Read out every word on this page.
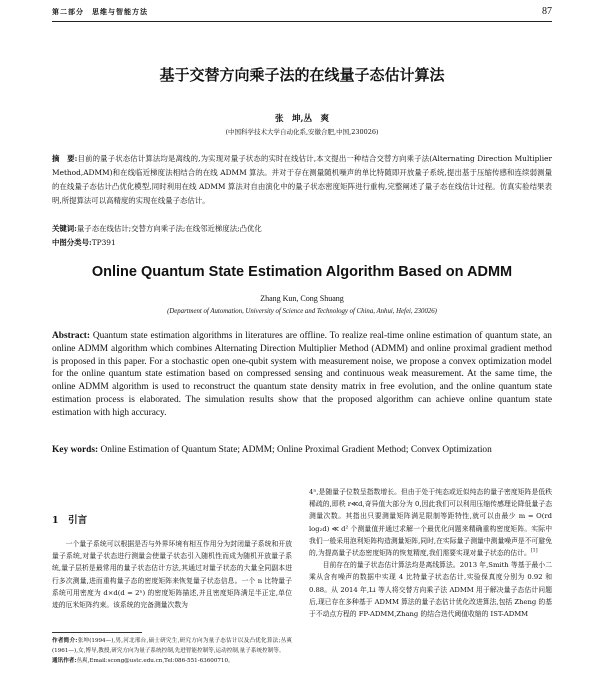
第二部分　思维与智能方法	87
基于交替方向乘子法的在线量子态估计算法
张　坤,丛　爽
(中国科学技术大学自动化系,安徽合肥,中国,230026)
摘　要:目前的量子状态估计算法均是离线的,为实现对量子状态的实时在线估计,本文提出一种结合交替方向乘子法(Alternating Direction Multiplier Method,ADMM)和在线临近梯度法相结合的在线 ADMM 算法。并对于存在测量随机噪声的单比特随即开放量子系统,提出基于压缩传感和连续弱测量的在线量子态估计凸优化模型,同时利用在线 ADMM 算法对自由演化中的量子状态密度矩阵进行重构,完整阐述了量子态在线估计过程。仿真实验结果表明,所提算法可以高精度的实现在线量子态估计。
关键词:量子态在线估计;交替方向乘子法;在线邻近梯度法;凸优化
中图分类号:TP391
Online Quantum State Estimation Algorithm Based on ADMM
Zhang Kun, Cong Shuang
(Department of Automation, University of Science and Technology of China, Anhui, Hefei, 230026)
Abstract: Quantum state estimation algorithms in literatures are offline. To realize real-time online estimation of quantum state, an online ADMM algorithm which combines Alternating Direction Multiplier Method (ADMM) and online proximal gradient method is proposed in this paper. For a stochastic open one-qubit system with measurement noise, we propose a convex optimization model for the online quantum state estimation based on compressed sensing and continuous weak measurement. At the same time, the online ADMM algorithm is used to reconstruct the quantum state density matrix in free evolution, and the online quantum state estimation process is elaborated. The simulation results show that the proposed algorithm can achieve online quantum state estimation with high accuracy.
Key words: Online Estimation of Quantum State; ADMM; Online Proximal Gradient Method; Convex Optimization
1　引言
一个量子系统可以根据是否与外界环境有相互作用分为封闭量子系统和开放量子系统,对量子状态进行测量会使量子状态引入随机性而成为随机开放量子系统,量子层析是最常用的量子状态估计方法,其通过对量子状态的大量全同副本进行多次测量,进而重构量子态的密度矩阵来恢复量子状态信息。一个 n 比特量子系统可用密度为 d×d(d = 2ⁿ) 的密度矩阵描述,并且密度矩阵满足半正定,单位迹的厄米矩阵约束。该系统的完备测量次数为
作者简介:张坤(1994—),男,河北邢台,硕士研究生,研究方向为量子态估计以及凸优化算法;丛爽(1961—),女,博导,教授,研究方向为量子系统控制,先进智能控制等,运动控制,量子系统控制等。
通讯作者:丛爽,Email:scong@ustc.edu.cn,Tel:086-551-63600710。
4ⁿ,是随量子位数呈指数增长。但由于处于纯态或近似纯态的量子密度矩阵是低秩稀疏的,即秩 r≪d,奇异值大部分为 0,因此我们可以利用压缩传感理论降低量子态测量次数。其指出只要测量矩阵满足限制等距特性,就可以由最少 m = O(rd log₂d) ≪ d² 个测量值并通过求解一个最优化问题来精确重构密度矩阵。实际中我们一般采用泡利矩阵构造测量矩阵,同时,在实际量子测量中测量噪声是不可避免的,为提高量子状态密度矩阵的恢复精度,我们需要实现对量子状态的估计。[1]
目前存在的量子状态估计算法均是离线算法。2013 年,Smith 等基于最小二乘从含有噪声的数据中实现 4 比特量子状态估计,实验保真度分别为 0.92 和 0.88。从 2014 年,Li 等人将交替方向乘子法 ADMM 用于解决量子态估计问题后,现已存在多种基于 ADMM 算法的量子态估计优化改进算法,包括 Zheng 的基于不动点方程的 FP-ADMM,Zhang 的结合迭代阈值收缩的 IST-ADMM
